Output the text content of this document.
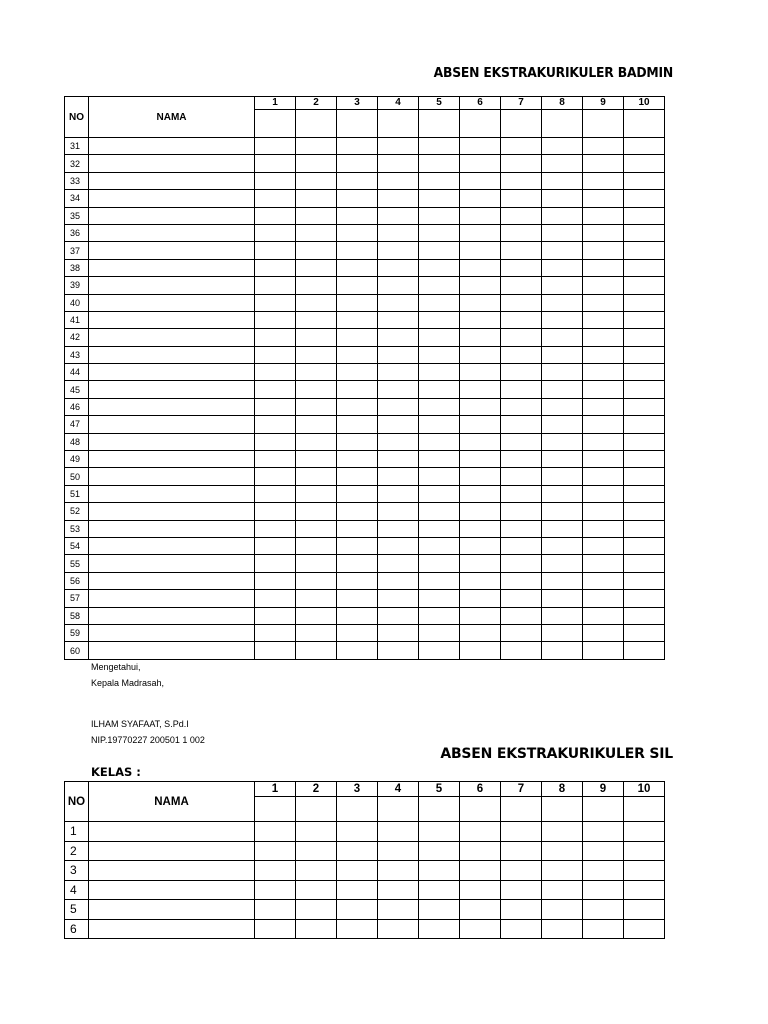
ABSEN EKSTRAKURIKULER BADMIN
NO	NAMA	1	2	3	4	5	6	7	8	9	10

31											
32											
33											
34											
35											
36											
37											
38											
39											
40											
41											
42											
43											
44											
45											
46											
47											
48											
49											
50											
51											
52											
53											
54											
55											
56											
57											
58											
59											
60											
Mengetahui,
Kepala Madrasah,
ILHAM SYAFAAT, S.Pd.I
NIP.19770227 200501 1 002
ABSEN EKSTRAKURIKULER SIL
KELAS :
NO	NAMA	1	2	3	4	5	6	7	8	9	10

1											
2											
3											
4											
5											
6											
